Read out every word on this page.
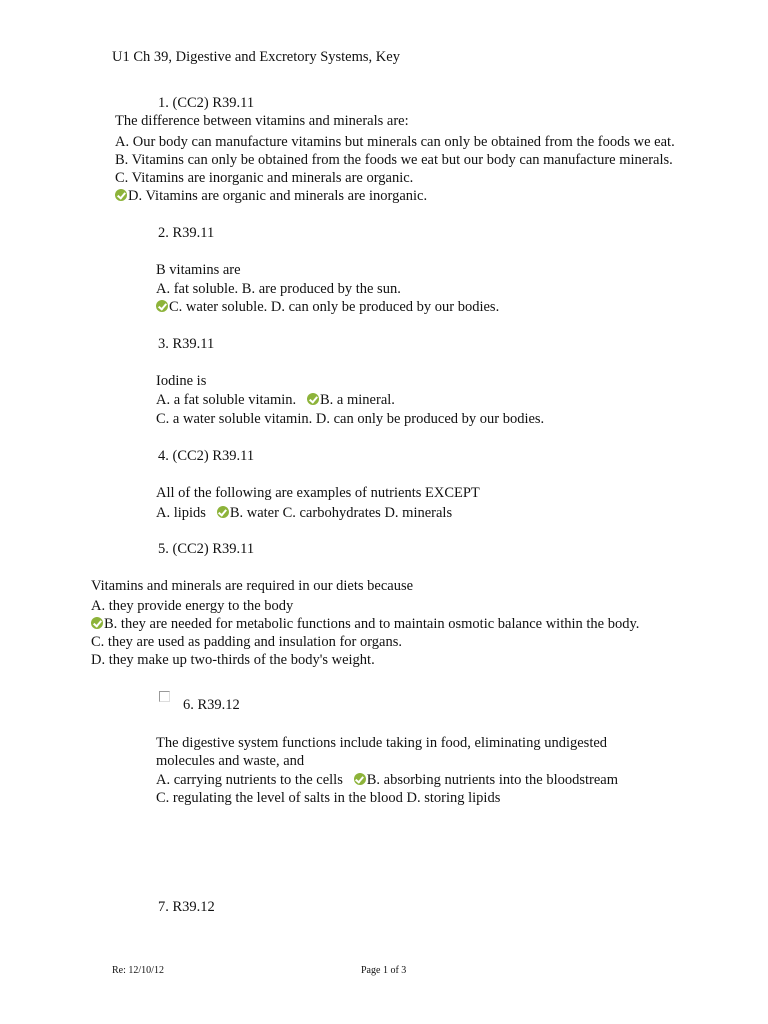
U1 Ch 39, Digestive and Excretory Systems, Key
1. (CC2) R39.11
The difference between vitamins and minerals are:
A. Our body can manufacture vitamins but minerals can only be obtained from the foods we eat.
B. Vitamins can only be obtained from the foods we eat but our body can manufacture minerals.
C. Vitamins are inorganic and minerals are organic.
D. Vitamins are organic and minerals are inorganic.
2. R39.11
B vitamins are
A. fat soluble. B. are produced by the sun.
C. water soluble. D. can only be produced by our bodies.
3. R39.11
Iodine is
A. a fat soluble vitamin. B. a mineral.
C. a water soluble vitamin. D. can only be produced by our bodies.
4. (CC2) R39.11
All of the following are examples of nutrients EXCEPT
A. lipids B. water C. carbohydrates D. minerals
5. (CC2) R39.11
Vitamins and minerals are required in our diets because
A. they provide energy to the body
B. they are needed for metabolic functions and to maintain osmotic balance within the body.
C. they are used as padding and insulation for organs.
D. they make up two-thirds of the body's weight.
6. R39.12
The digestive system functions include taking in food, eliminating undigested
molecules and waste, and
A. carrying nutrients to the cells B. absorbing nutrients into the bloodstream
C. regulating the level of salts in the blood D. storing lipids
7. R39.12
Re: 12/10/12	Page 1 of 3
